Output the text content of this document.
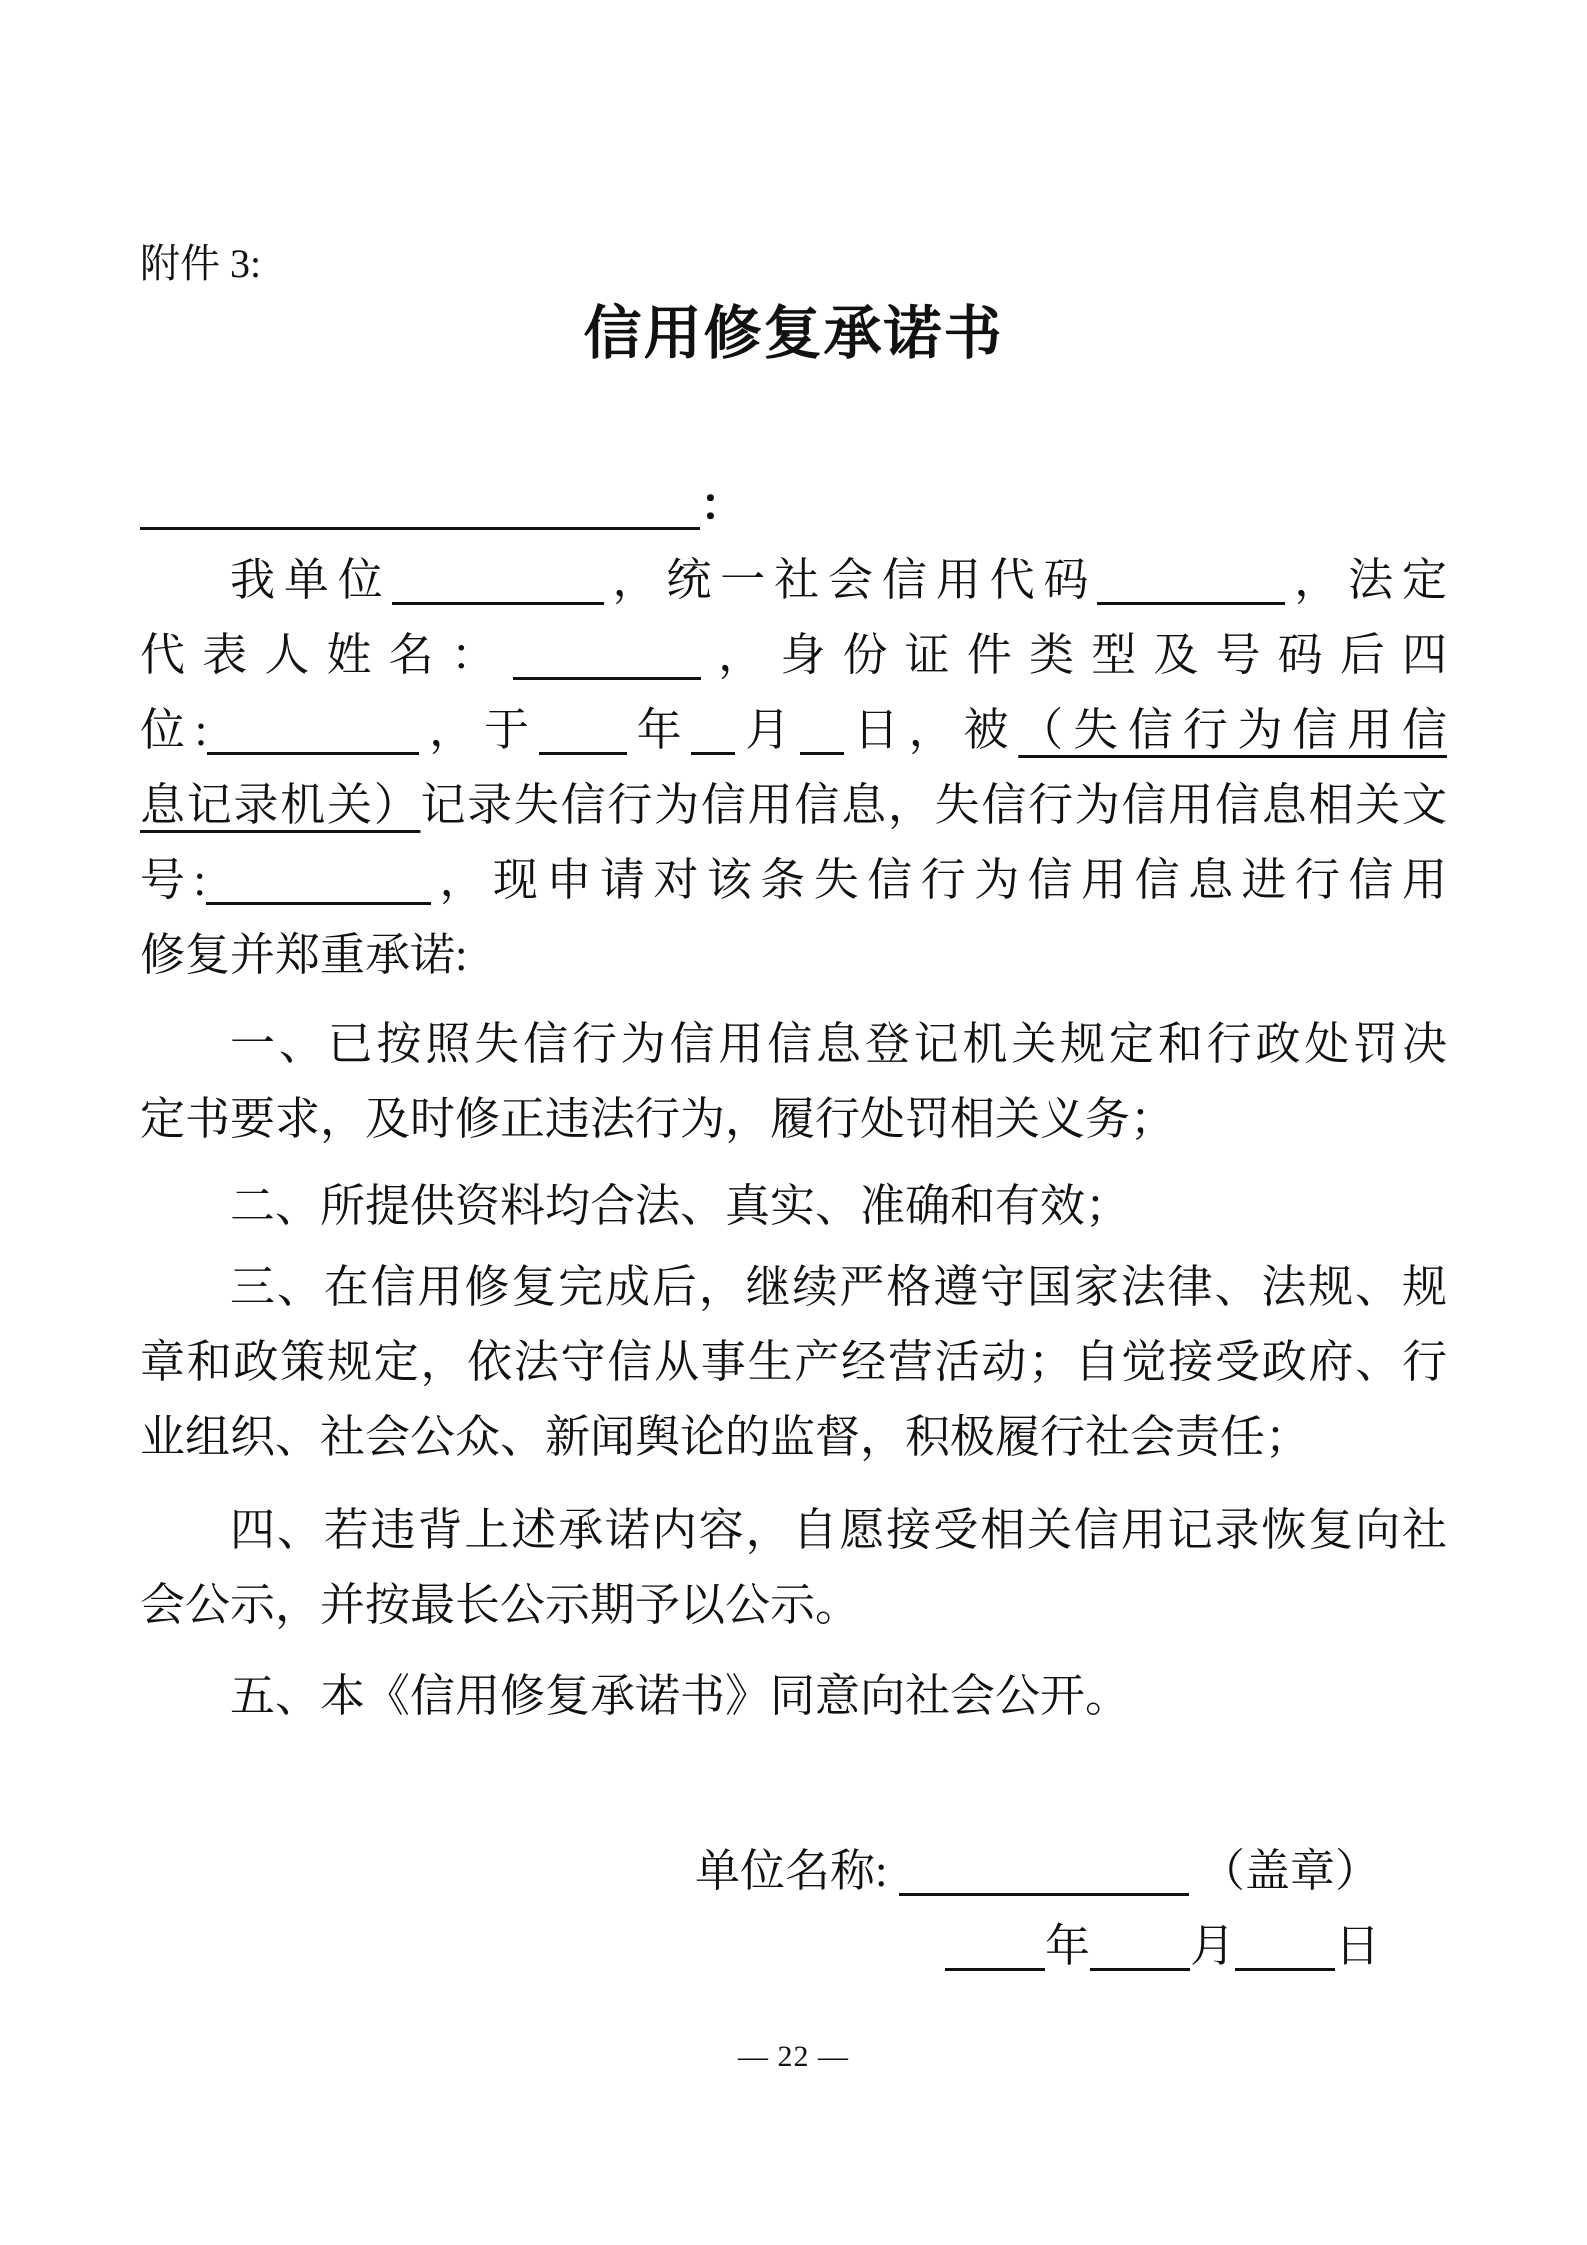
附件 3:
信用修复承诺书
：
我单位	，统一社会信用代码	，法定
代表人姓名：	，身份证件类型及号码后四
位:	，于 年 月 日，被（失信行为信用信
息记录机关）记录失信行为信用信息，失信行为信用信息相关文
号:	，现申请对该条失信行为信用信息进行信用
修复并郑重承诺:
一、已按照失信行为信用信息登记机关规定和行政处罚决
定书要求，及时修正违法行为，履行处罚相关义务；
二、所提供资料均合法、真实、准确和有效；
三、在信用修复完成后，继续严格遵守国家法律、法规、规
章和政策规定，依法守信从事生产经营活动；自觉接受政府、行
业组织、社会公众、新闻舆论的监督，积极履行社会责任；
四、若违背上述承诺内容，自愿接受相关信用记录恢复向社
会公示，并按最长公示期予以公示。
五、本《信用修复承诺书》同意向社会公开。
单位名称:	（盖章）
年 月 日
— 22 —
